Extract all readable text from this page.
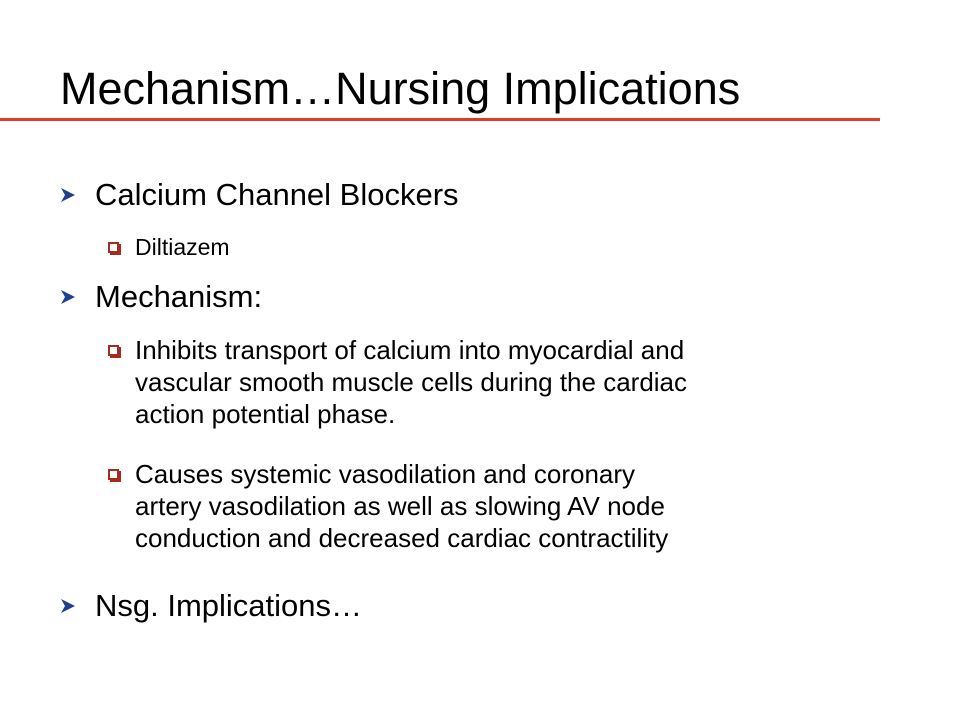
Mechanism…Nursing Implications
Calcium Channel Blockers
Diltiazem
Mechanism:
Inhibits transport of calcium into myocardial and
vascular smooth muscle cells during the cardiac
action potential phase.
Causes systemic vasodilation and coronary
artery vasodilation as well as slowing AV node
conduction and decreased cardiac contractility
Nsg. Implications…
